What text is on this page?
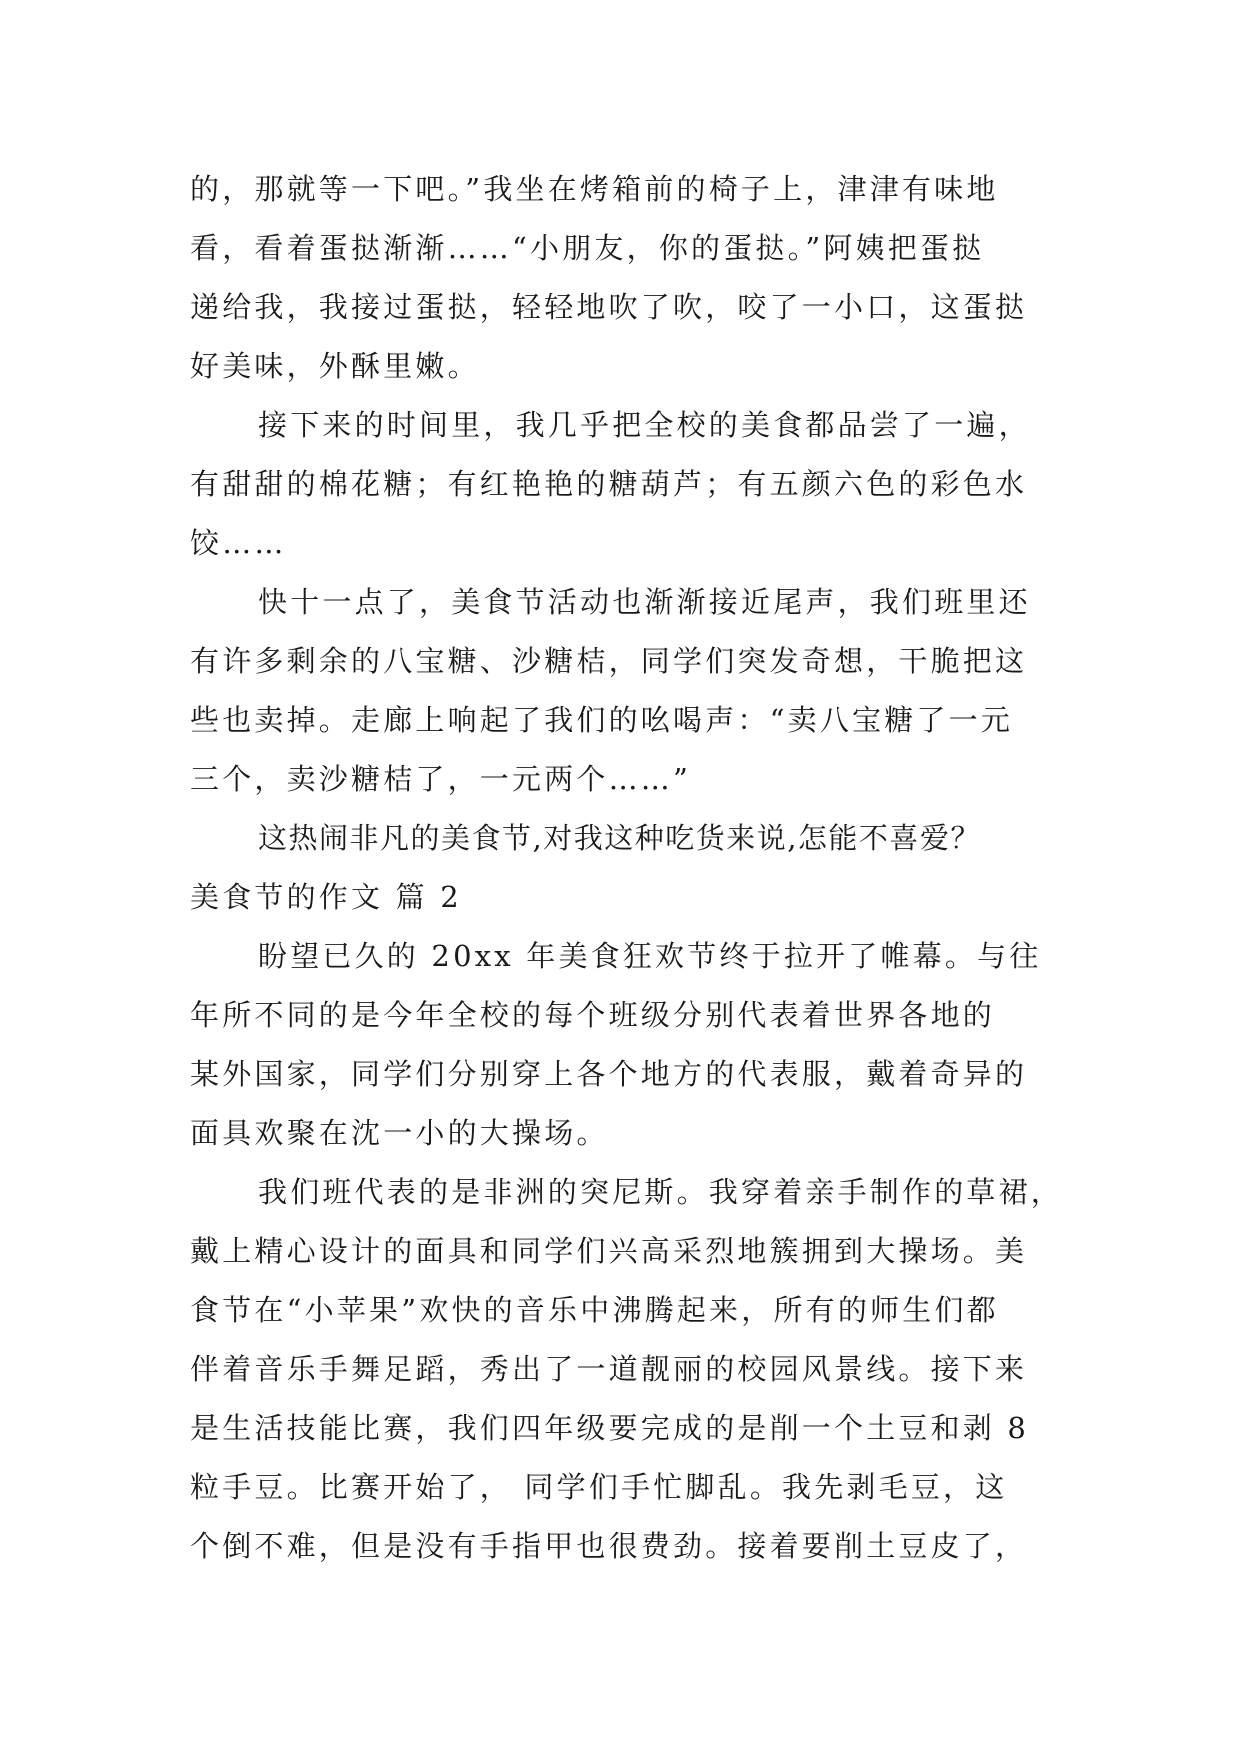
的，那就等一下吧。”我坐在烤箱前的椅子上，津津有味地
看，看着蛋挞渐渐……“小朋友，你的蛋挞。”阿姨把蛋挞
递给我，我接过蛋挞，轻轻地吹了吹，咬了一小口，这蛋挞
好美味，外酥里嫩。
接下来的时间里，我几乎把全校的美食都品尝了一遍，
有甜甜的棉花糖；有红艳艳的糖葫芦；有五颜六色的彩色水
饺……
快十一点了，美食节活动也渐渐接近尾声，我们班里还
有许多剩余的八宝糖、沙糖桔，同学们突发奇想，干脆把这
些也卖掉。走廊上响起了我们的吆喝声：“卖八宝糖了一元
三个，卖沙糖桔了，一元两个……”
这热闹非凡的美食节,对我这种吃货来说,怎能不喜爱？
美食节的作文 篇 2
盼望已久的 20xx 年美食狂欢节终于拉开了帷幕。与往
年所不同的是今年全校的每个班级分别代表着世界各地的
某外国家，同学们分别穿上各个地方的代表服，戴着奇异的
面具欢聚在沈一小的大操场。
我们班代表的是非洲的突尼斯。我穿着亲手制作的草裙，
戴上精心设计的面具和同学们兴高采烈地簇拥到大操场。美
食节在“小苹果”欢快的音乐中沸腾起来，所有的师生们都
伴着音乐手舞足蹈，秀出了一道靓丽的校园风景线。接下来
是生活技能比赛，我们四年级要完成的是削一个土豆和剥 8
粒手豆。比赛开始了， 同学们手忙脚乱。我先剥毛豆，这
个倒不难，但是没有手指甲也很费劲。接着要削土豆皮了，
